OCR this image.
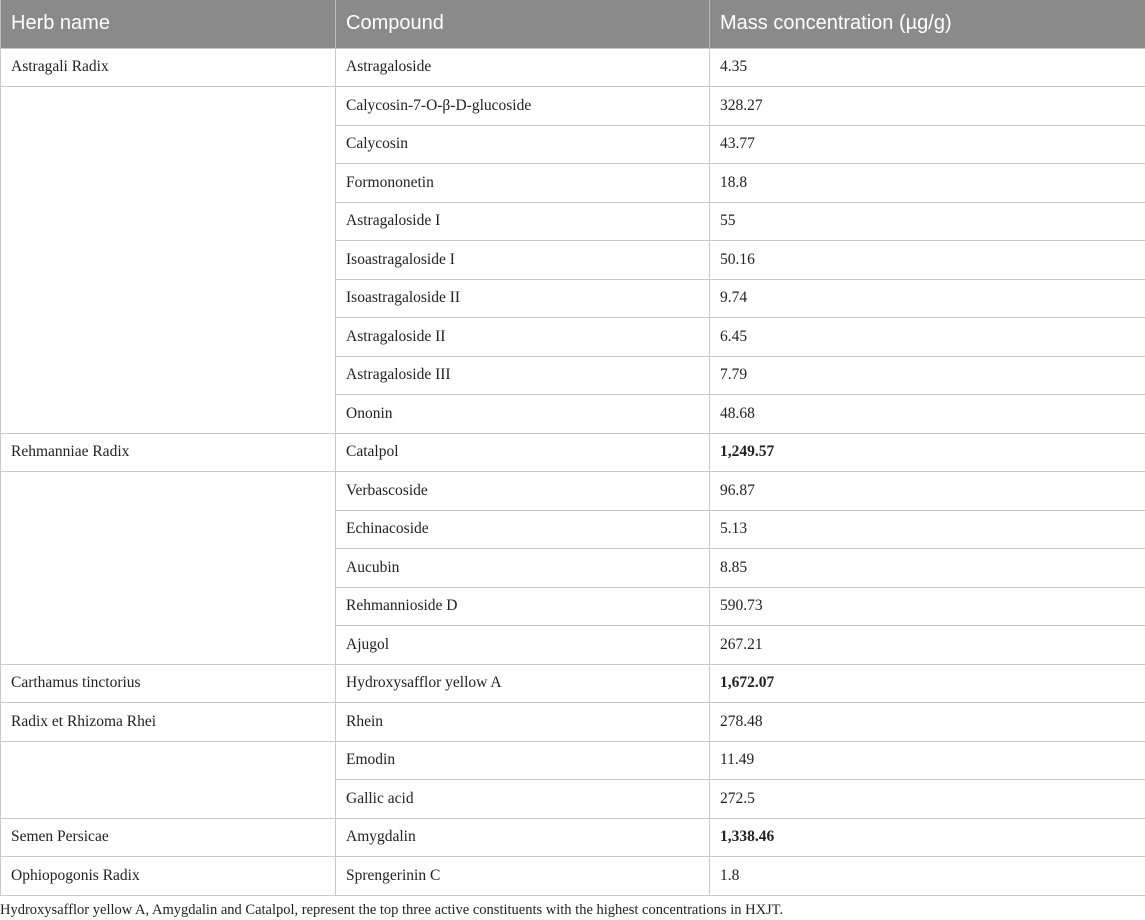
Herb name	Compound	Mass concentration (µg/g)
Astragali Radix	Astragaloside	4.35
	Calycosin-7-O-β-D-glucoside	328.27
	Calycosin	43.77
	Formononetin	18.8
	Astragaloside I	55
	Isoastragaloside I	50.16
	Isoastragaloside II	9.74
	Astragaloside II	6.45
	Astragaloside III	7.79
	Ononin	48.68
Rehmanniae Radix	Catalpol	1,249.57
	Verbascoside	96.87
	Echinacoside	5.13
	Aucubin	8.85
	Rehmannioside D	590.73
	Ajugol	267.21
Carthamus tinctorius	Hydroxysafflor yellow A	1,672.07
Radix et Rhizoma Rhei	Rhein	278.48
	Emodin	11.49
	Gallic acid	272.5
Semen Persicae	Amygdalin	1,338.46
Ophiopogonis Radix	Sprengerinin C	1.8
Hydroxysafflor yellow A, Amygdalin and Catalpol, represent the top three active constituents with the highest concentrations in HXJT.
